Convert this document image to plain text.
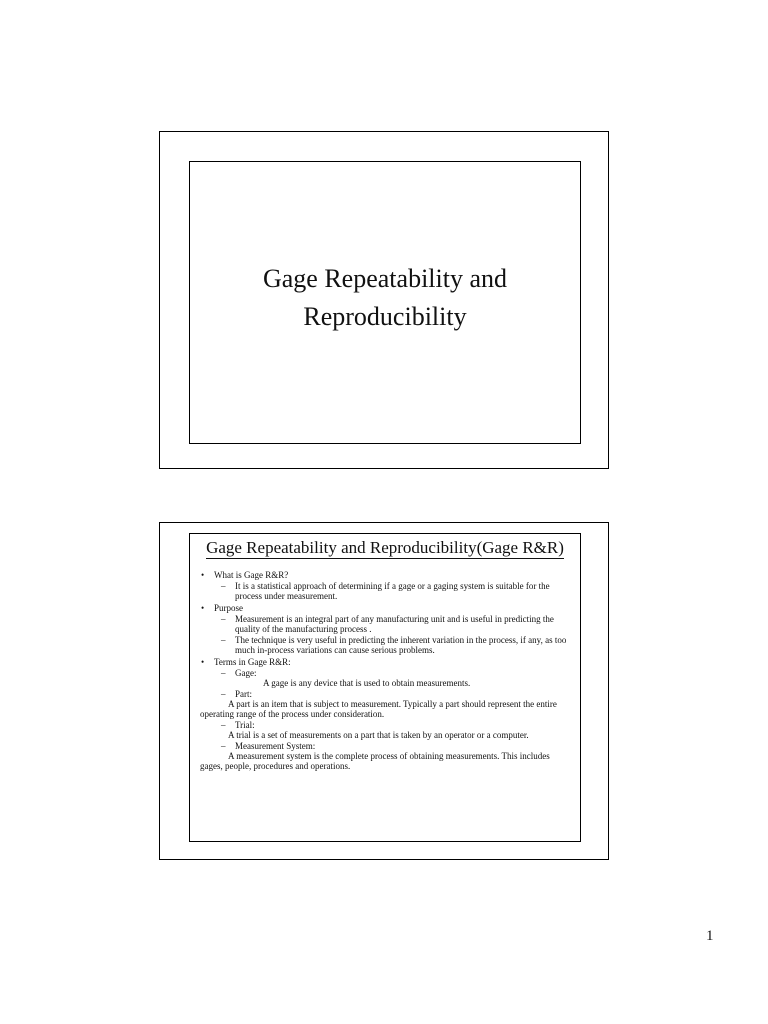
Gage Repeatability and
Reproducibility
Gage Repeatability and Reproducibility(Gage R&R)
• What is Gage R&R?
– It is a statistical approach of determining if a gage or a gaging system is suitable for the process under measurement.
• Purpose
– Measurement is an integral part of any manufacturing unit and is useful in predicting the quality of the manufacturing process .
– The technique is very useful in predicting the inherent variation in the process, if any, as too much in-process variations can cause serious problems.
• Terms in Gage R&R:
– Gage:
A gage is any device that is used to obtain measurements.
– Part:
A part is an item that is subject to measurement. Typically a part should represent the entire operating range of the process under consideration.
– Trial:
A trial is a set of measurements on a part that is taken by an operator or a computer.
– Measurement System:
A measurement system is the complete process of obtaining measurements. This includes gages, people, procedures and operations.
1
